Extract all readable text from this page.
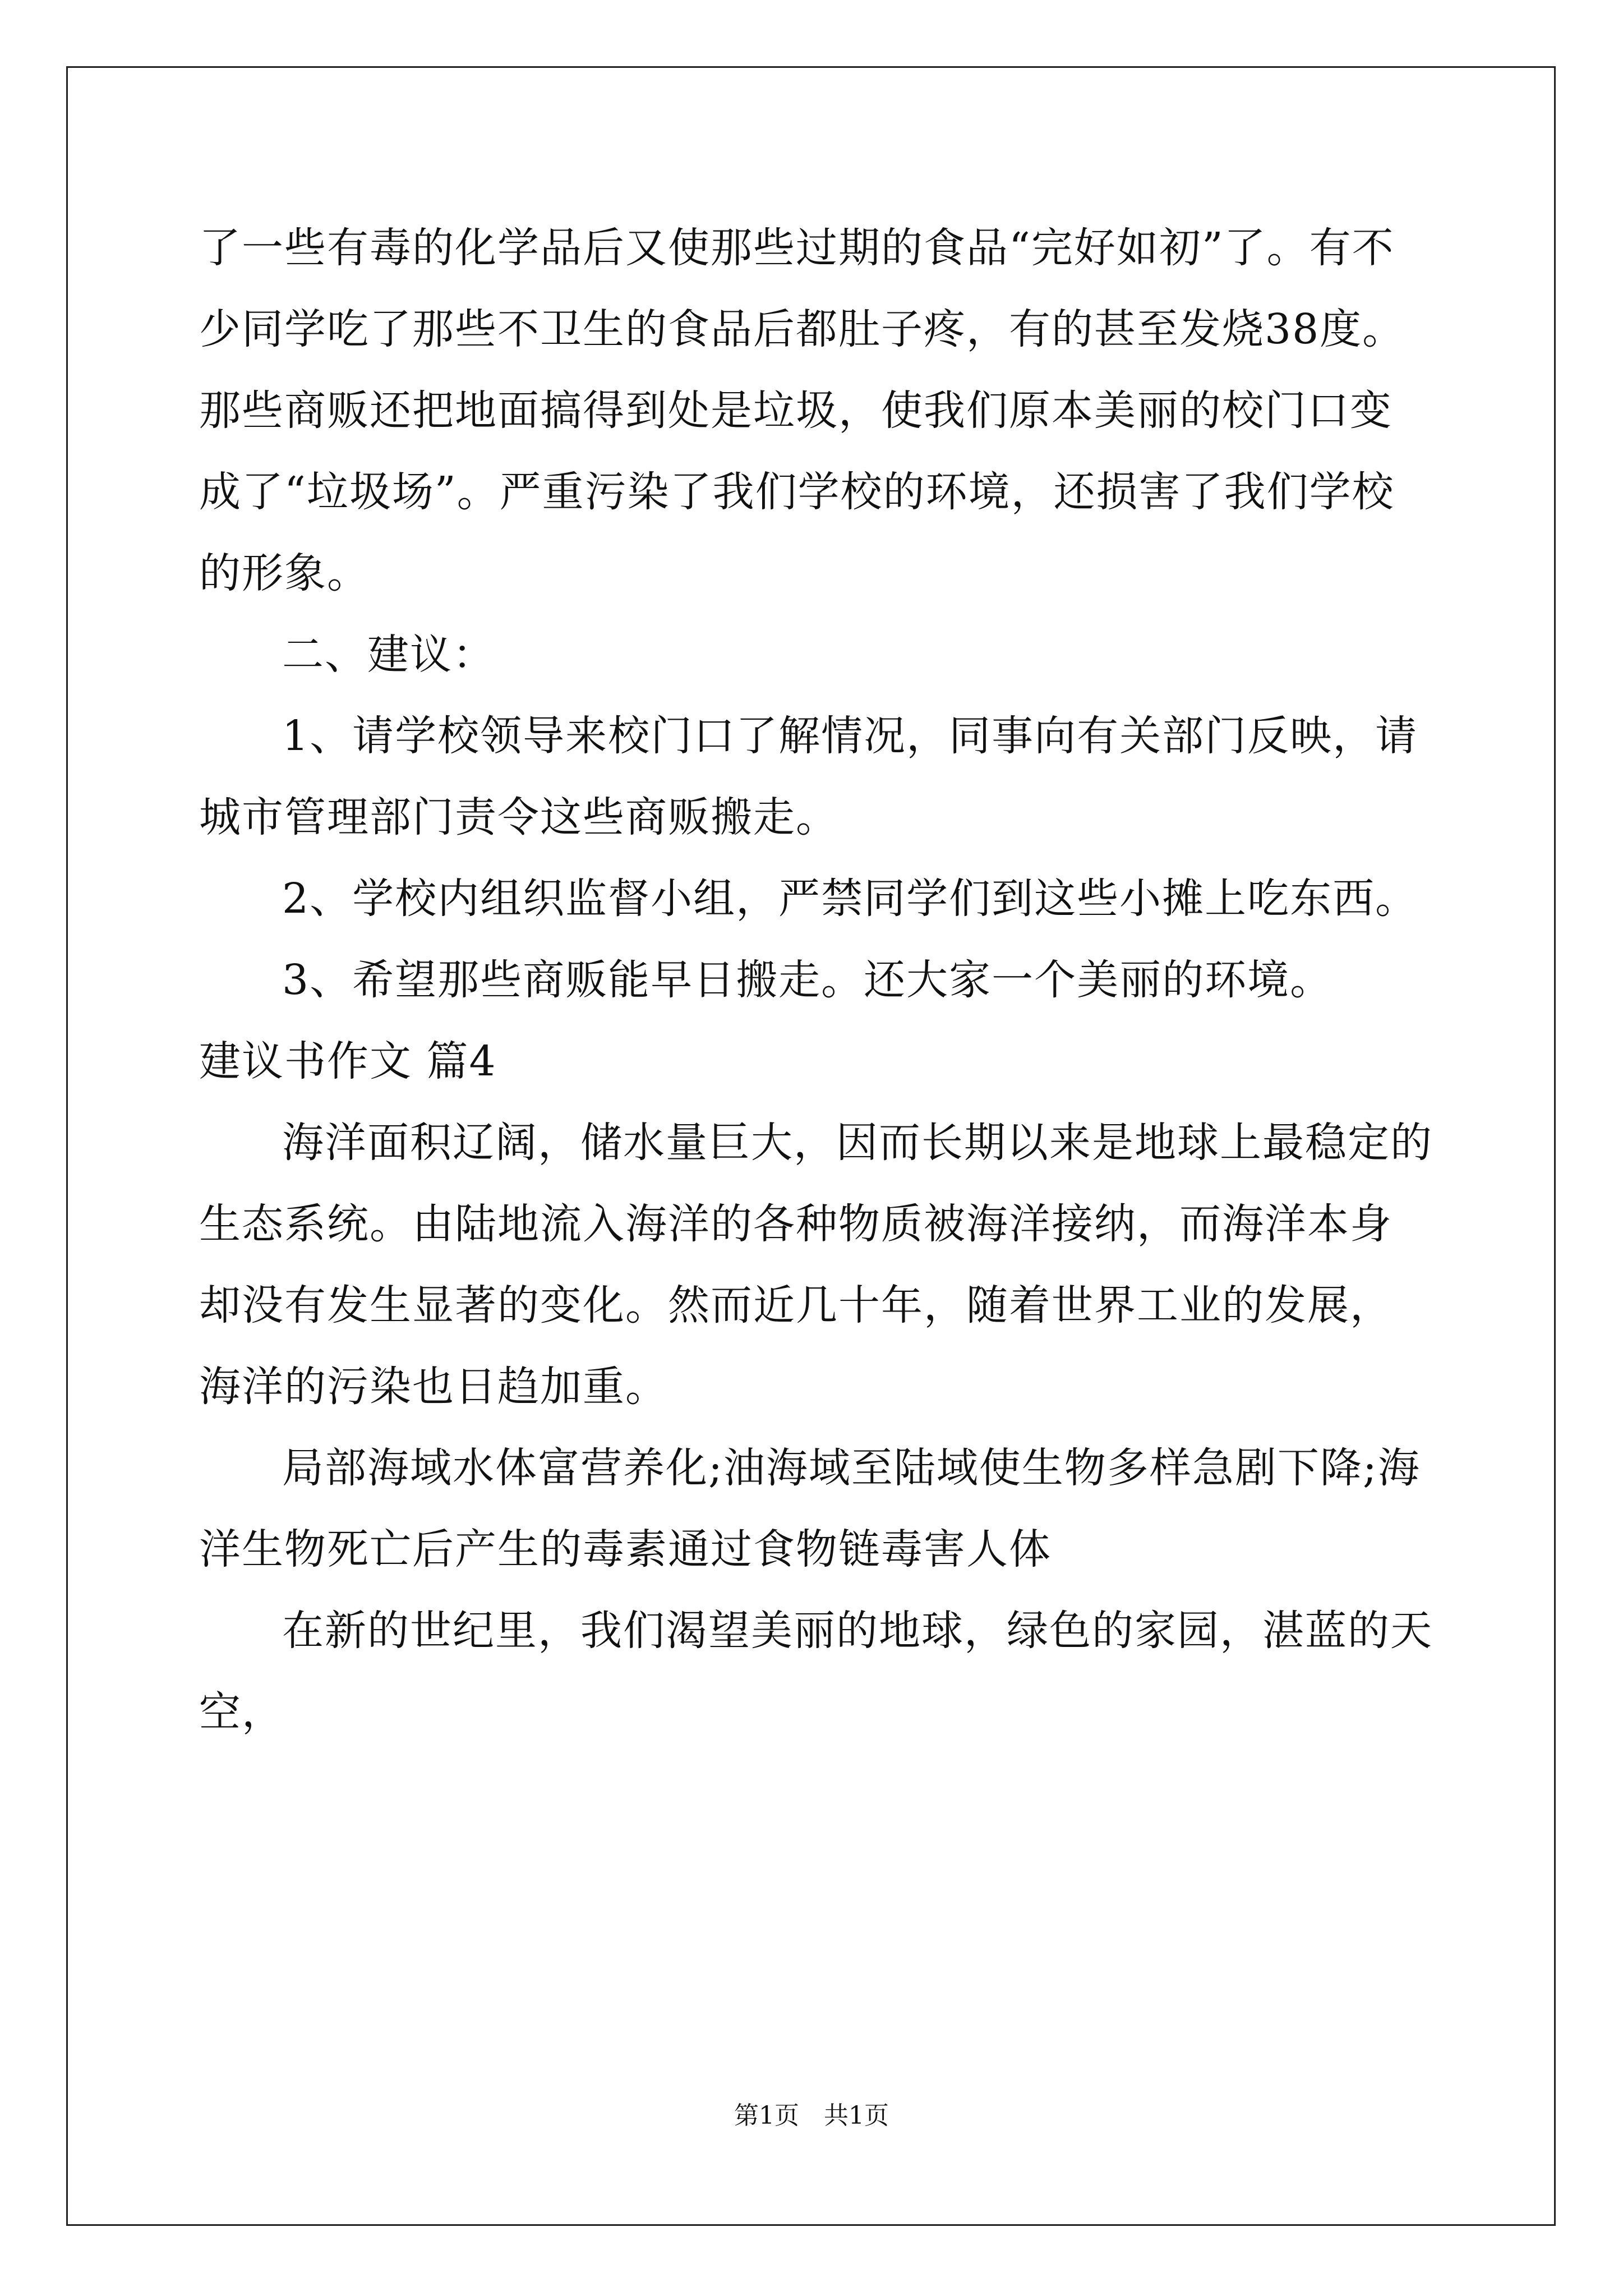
了一些有毒的化学品后又使那些过期的食品“完好如初”了。有不少同学吃了那些不卫生的食品后都肚子疼，有的甚至发烧38度。那些商贩还把地面搞得到处是垃圾，使我们原本美丽的校门口变成了“垃圾场”。严重污染了我们学校的环境，还损害了我们学校的形象。

二、建议：

1、请学校领导来校门口了解情况，同事向有关部门反映，请城市管理部门责令这些商贩搬走。

2、学校内组织监督小组，严禁同学们到这些小摊上吃东西。

3、希望那些商贩能早日搬走。还大家一个美丽的环境。

建议书作文 篇4

海洋面积辽阔，储水量巨大，因而长期以来是地球上最稳定的生态系统。由陆地流入海洋的各种物质被海洋接纳，而海洋本身却没有发生显著的变化。然而近几十年，随着世界工业的发展，海洋的污染也日趋加重。

局部海域水体富营养化;油海域至陆域使生物多样急剧下降;海洋生物死亡后产生的毒素通过食物链毒害人体

在新的世纪里，我们渴望美丽的地球，绿色的家园，湛蓝的天空，

第1页　共1页
